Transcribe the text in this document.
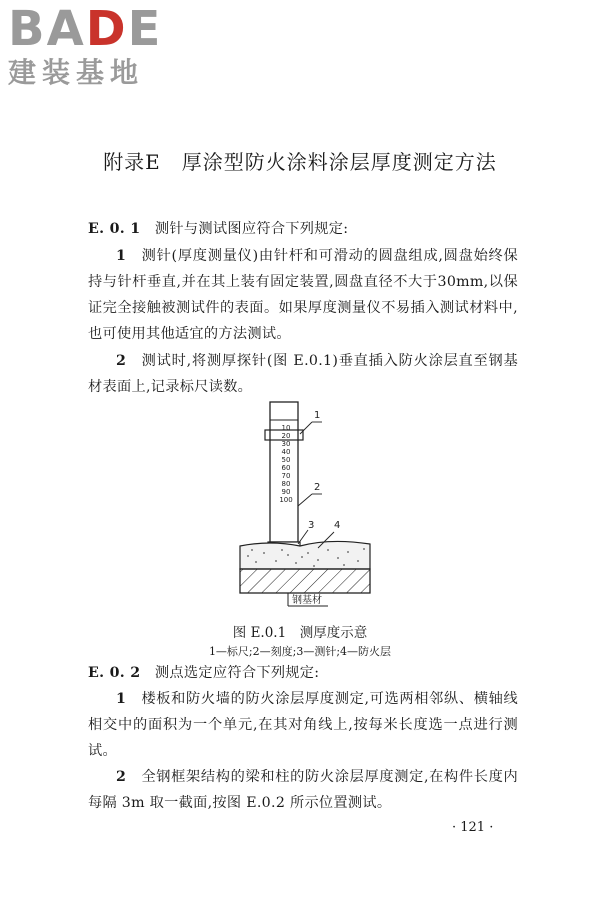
BADE
建装基地
附录E　厚涂型防火涂料涂层厚度测定方法
E. 0. 1　 测针与测试图应符合下列规定:
1　 测针(厚度测量仪)由针杆和可滑动的圆盘组成,圆盘始终保持与针杆垂直,并在其上装有固定装置,圆盘直径不大于30mm,以保证完全接触被测试件的表面。如果厚度测量仪不易插入测试材料中,也可使用其他适宜的方法测试。
2　 测试时,将测厚探针(图 E.0.1)垂直插入防火涂层直至钢基材表面上,记录标尺读数。
10
20
30
40
50
60
70
80
90
100
钢基材
1
2
3 4
图 E.0.1　测厚度示意
1—标尺;2—刻度;3—测针;4—防火层
E. 0. 2　 测点选定应符合下列规定:
1　 楼板和防火墙的防火涂层厚度测定,可选两相邻纵、横轴线相交中的面积为一个单元,在其对角线上,按每米长度选一点进行测试。
2　 全钢框架结构的梁和柱的防火涂层厚度测定,在构件长度内每隔 3m 取一截面,按图 E.0.2 所示位置测试。
· 121 ·
